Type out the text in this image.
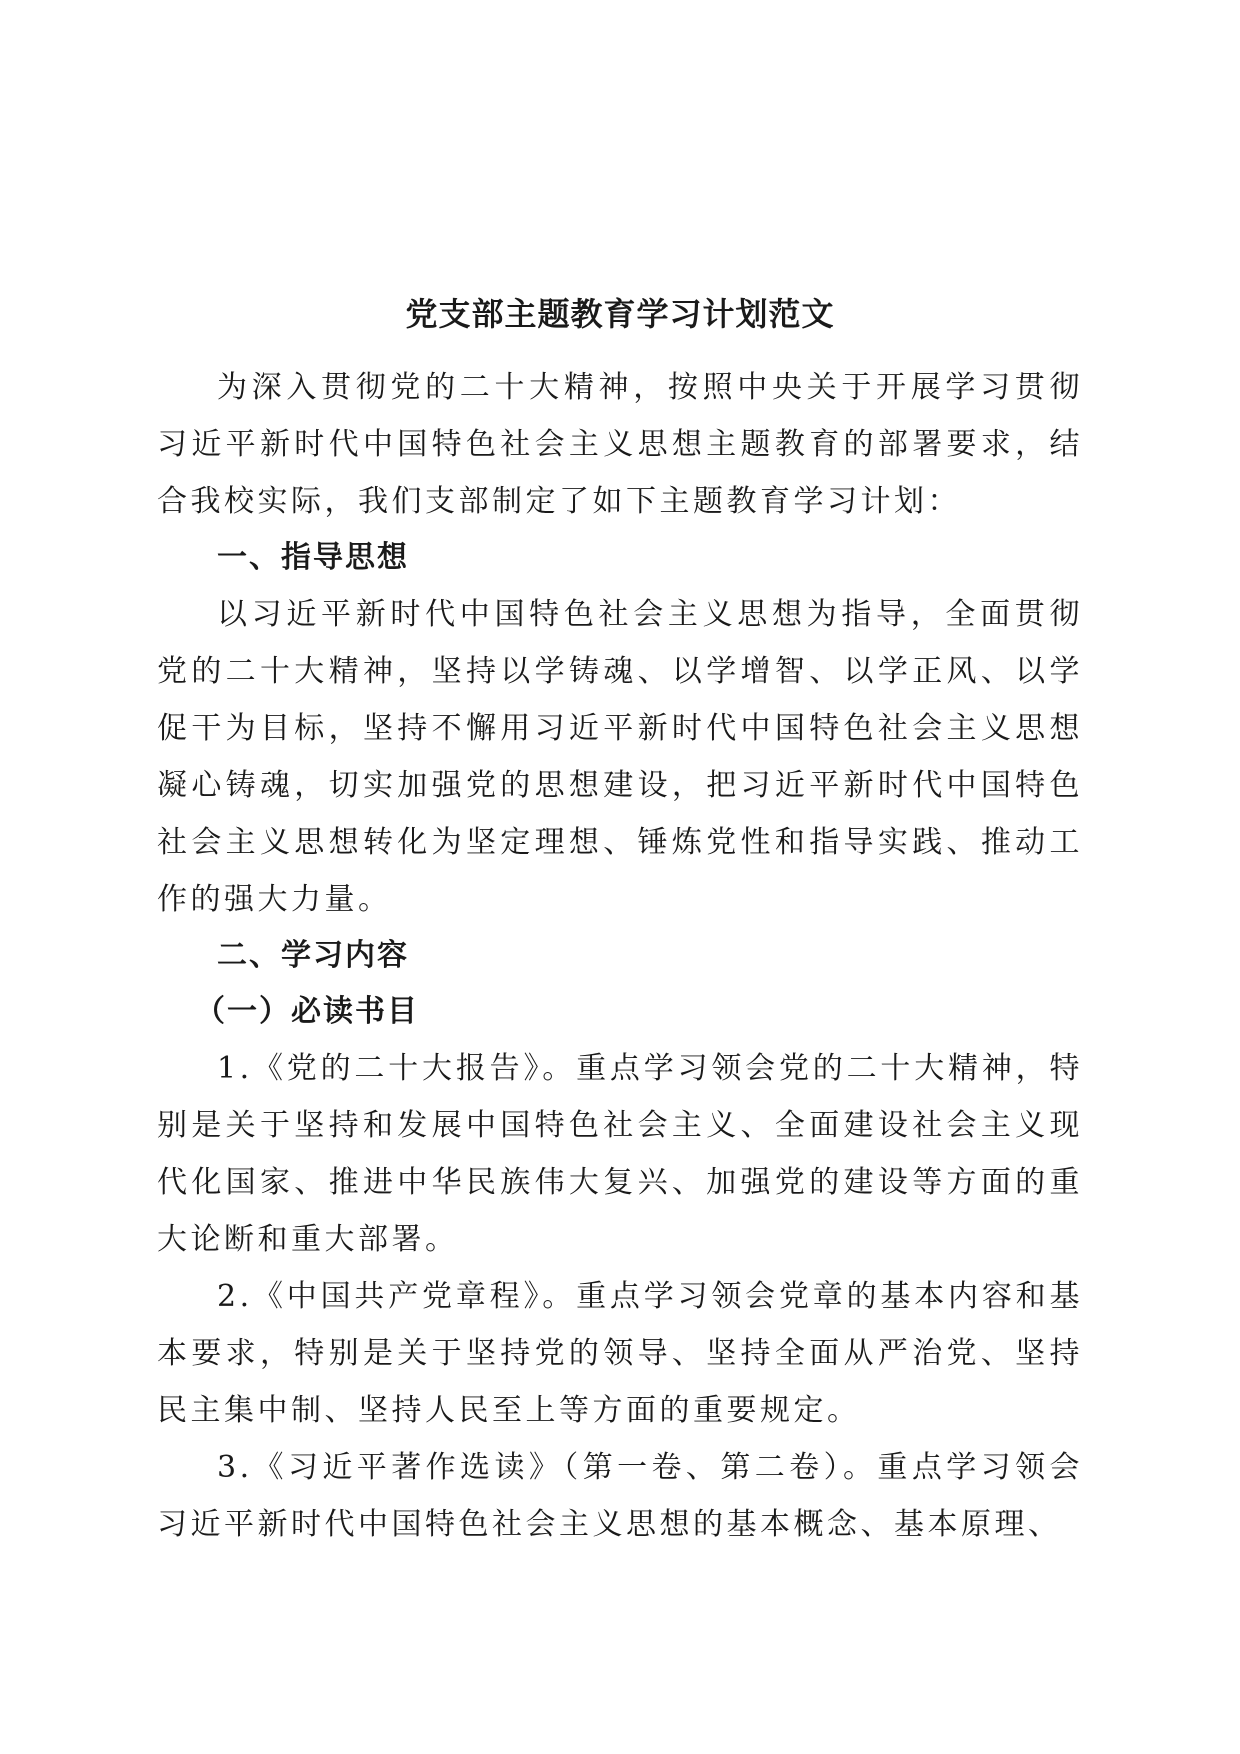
党支部主题教育学习计划范文

为深入贯彻党的二十大精神，按照中央关于开展学习贯彻习近平新时代中国特色社会主义思想主题教育的部署要求，结合我校实际，我们支部制定了如下主题教育学习计划：

一、指导思想

以习近平新时代中国特色社会主义思想为指导，全面贯彻党的二十大精神，坚持以学铸魂、以学增智、以学正风、以学促干为目标，坚持不懈用习近平新时代中国特色社会主义思想凝心铸魂，切实加强党的思想建设，把习近平新时代中国特色社会主义思想转化为坚定理想、锤炼党性和指导实践、推动工作的强大力量。

二、学习内容
（一）必读书目

1.《党的二十大报告》。重点学习领会党的二十大精神，特别是关于坚持和发展中国特色社会主义、全面建设社会主义现代化国家、推进中华民族伟大复兴、加强党的建设等方面的重大论断和重大部署。

2.《中国共产党章程》。重点学习领会党章的基本内容和基本要求，特别是关于坚持党的领导、坚持全面从严治党、坚持民主集中制、坚持人民至上等方面的重要规定。

3.《习近平著作选读》（第一卷、第二卷）。重点学习领会习近平新时代中国特色社会主义思想的基本概念、基本原理、
